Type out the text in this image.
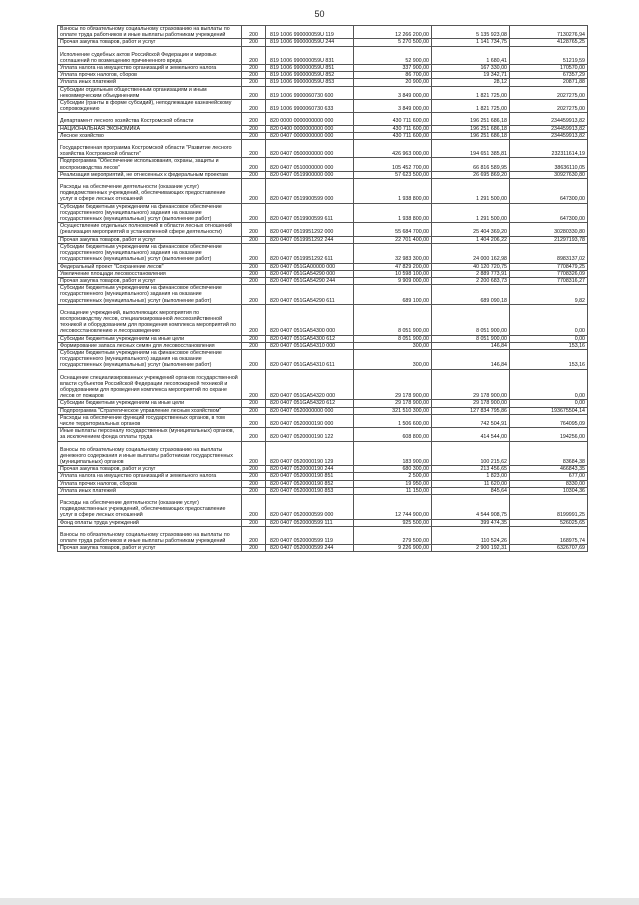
50
Взносы по обязательному социальному страхованию на выплаты по оплате труда работников и иные выплаты работникам учреждений	200	819 1006 990000059U 119	12 266 200,00	5 135 923,08	7130276,94
Прочая закупка товаров, работ и услуг	200	819 1006 990000059U 244	5 270 500,00	1 141 734,75	4128765,25
Исполнение судебных актов Российской Федерации и мировых соглашений по возмещению причиненного вреда	200	819 1006 990000059U 831	52 900,00	1 680,41	51219,59
Уплата налога на имущество организаций и земельного налога	200	819 1006 990000059U 851	337 900,00	167 330,00	170570,00
Уплата прочих налогов, сборов	200	819 1006 990000059U 852	86 700,00	19 342,71	67357,29
Уплата иных платежей	200	819 1006 990000059U 853	20 900,00	28,12	20871,88
Субсидии отдельным общественным организациям и иным некоммерческим объединениям	200	819 1006 9900060730 600	3 849 000,00	1 821 725,00	2027275,00
Субсидии (гранты в форме субсидий), неподлежащие казначейскому сопровождению	200	819 1006 9900060730 633	3 849 000,00	1 821 725,00	2027275,00
Департамент лесного хозяйства Костромской области	200	820 0000 0000000000 000	430 711 600,00	196 251 686,18	234459913,82
НАЦИОНАЛЬНАЯ ЭКОНОМИКА	200	820 0400 0000000000 000	430 711 600,00	196 251 686,18	234459913,82
Лесное хозяйство	200	820 0407 0000000000 000	430 711 600,00	196 251 686,18	234459913,82
Государственная программа Костромской области "Развитие лесного хозяйства Костромской области"	200	820 0407 0500000000 000	426 963 000,00	194 651 385,81	232311614,19
Подпрограмма "Обеспечение использования, охраны, защиты и воспроизводства лесов"	200	820 0407 0510000000 000	105 452 700,00	66 816 589,95	38636110,05
Реализация мероприятий, не отнесенных к федеральным проектам	200	820 0407 0519900000 000	57 623 500,00	26 695 869,20	30927630,80
Расходы на обеспечение деятельности (оказание услуг) подведомственных учреждений, обеспечивающих предоставление услуг в сфере лесных отношений	200	820 0407 0519900599 000	1 938 800,00	1 291 500,00	647300,00
Субсидии бюджетным учреждениям на финансовое обеспечение государственного (муниципального) задания на оказание государственных (муниципальных) услуг (выполнение работ)	200	820 0407 0519900599 611	1 938 800,00	1 291 500,00	647300,00
Осуществление отдельных полномочий в области лесных отношений (реализация мероприятий в установленной сфере деятельности)	200	820 0407 0519951292 000	55 684 700,00	25 404 369,20	30280330,80
Прочая закупка товаров, работ и услуг	200	820 0407 0519951292 244	22 701 400,00	1 404 206,22	21297193,78
Субсидии бюджетным учреждениям на финансовое обеспечение государственного (муниципального) задания на оказание государственных (муниципальных) услуг (выполнение работ)	200	820 0407 0519951292 611	32 983 300,00	24 000 162,98	8983137,02
Федеральный проект "Сохранение лесов"	200	820 0407 051GA00000 000	47 829 200,00	40 120 720,75	7708479,25
Увеличение площади лесовосстановления	200	820 0407 051GA54290 000	10 598 100,00	2 889 773,91	7708326,09
Прочая закупка товаров, работ и услуг	200	820 0407 051GA54290 244	9 909 000,00	2 200 683,73	7708316,27
Субсидии бюджетным учреждениям на финансовое обеспечение государственного (муниципального) задания на оказание государственных (муниципальных) услуг (выполнение работ)	200	820 0407 051GA54290 611	689 100,00	689 090,18	9,82
Оснащение учреждений, выполняющих мероприятия по воспроизводству лесов, специализированной лесохозяйственной техникой и оборудованием для проведения комплекса мероприятий по лесовосстановлению и лесоразведению	200	820 0407 051GA54300 000	8 051 900,00	8 051 900,00	0,00
Субсидии бюджетным учреждениям на иные цели	200	820 0407 051GA54300 612	8 051 900,00	8 051 900,00	0,00
Формирование запаса лесных семян для лесовосстановления	200	820 0407 051GA54310 000	300,00	146,84	153,16
Субсидии бюджетным учреждениям на финансовое обеспечение государственного (муниципального) задания на оказание государственных (муниципальных) услуг (выполнение работ)	200	820 0407 051GA54310 611	300,00	146,84	153,16
Оснащение специализированных учреждений органов государственной власти субъектов Российской Федерации лесопожарной техникой и оборудованием для проведения комплекса мероприятий по охране лесов от пожаров	200	820 0407 051GA54320 000	29 178 900,00	29 178 900,00	0,00
Субсидии бюджетным учреждениям на иные цели	200	820 0407 051GA54320 612	29 178 900,00	29 178 900,00	0,00
Подпрограмма "Стратегическое управление лесным хозяйством"	200	820 0407 0520000000 000	321 510 300,00	127 834 795,86	193675504,14
Расходы на обеспечение функций государственных органов, в том числе территориальных органов	200	820 0407 0520000190 000	1 506 600,00	742 504,91	764095,09
Иные выплаты персоналу государственных (муниципальных) органов, за исключением фонда оплаты труда	200	820 0407 0520000190 122	608 800,00	414 544,00	194256,00
Взносы по обязательному социальному страхованию на выплаты денежного содержания и иные выплаты работникам государственных (муниципальных) органов	200	820 0407 0520000190 129	183 900,00	100 215,62	83684,38
Прочая закупка товаров, работ и услуг	200	820 0407 0520000190 244	680 300,00	213 456,65	466843,35
Уплата налога на имущество организаций и земельного налога	200	820 0407 0520000190 851	2 500,00	1 823,00	677,00
Уплата прочих налогов, сборов	200	820 0407 0520000190 852	19 950,00	11 620,00	8330,00
Уплата иных платежей	200	820 0407 0520000190 853	11 150,00	845,64	10304,36
Расходы на обеспечение деятельности (оказание услуг) подведомственных учреждений, обеспечивающих предоставление услуг в сфере лесных отношений	200	820 0407 0520000599 000	12 744 900,00	4 544 908,75	8199991,25
Фонд оплаты труда учреждений	200	820 0407 0520000599 111	925 500,00	399 474,35	526025,65
Взносы по обязательному социальному страхованию на выплаты по оплате труда работников и иные выплаты работникам учреждений	200	820 0407 0520000599 119	279 500,00	110 524,26	168975,74
Прочая закупка товаров, работ и услуг	200	820 0407 0520000599 244	9 226 900,00	2 900 192,31	6326707,69
